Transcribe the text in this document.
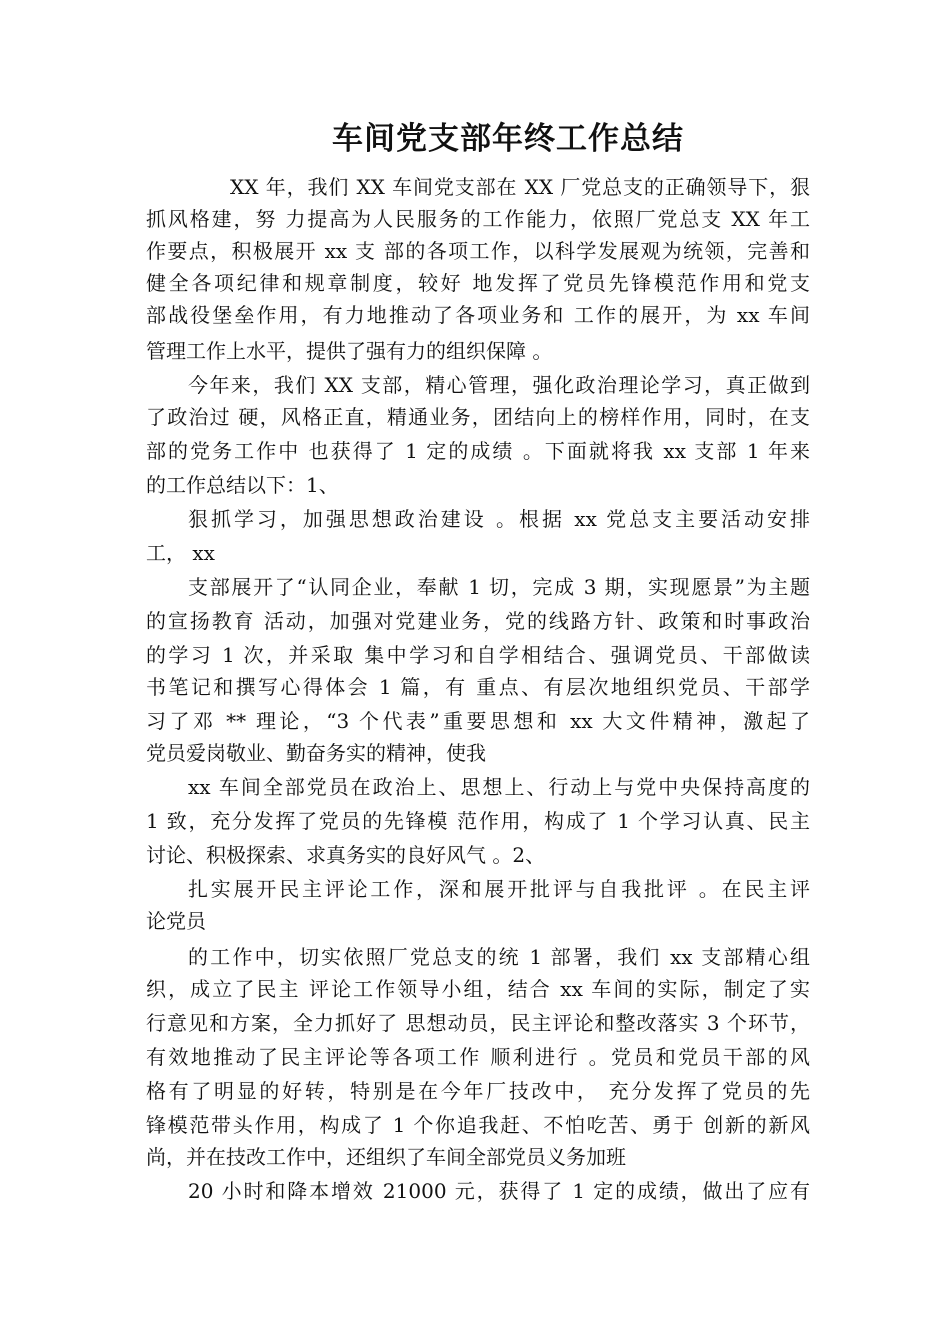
车间党支部年终工作总结
XX 年，我们 XX 车间党支部在 XX 厂党总支的正确领导下，狠
抓风格建，努 力提高为人民服务的工作能力，依照厂党总支 XX 年工
作要点，积极展开 xx 支 部的各项工作，以科学发展观为统领，完善和
健全各项纪律和规章制度，较好 地发挥了党员先锋模范作用和党支
部战役堡垒作用，有力地推动了各项业务和 工作的展开，为 xx 车间
管理工作上水平，提供了强有力的组织保障 。
今年来，我们 XX 支部，精心管理，强化政治理论学习，真正做到
了政治过 硬，风格正直，精通业务，团结向上的榜样作用，同时，在支
部的党务工作中 也获得了 1 定的成绩 。下面就将我 xx 支部 1 年来
的工作总结以下：1、
狠抓学习，加强思想政治建设 。根据 xx 党总支主要活动安排
工， xx
支部展开了“认同企业，奉献 1 切，完成 3 期，实现愿景”为主题
的宣扬教育 活动，加强对党建业务，党的线路方针、政策和时事政治
的学习 1 次，并采取 集中学习和自学相结合、强调党员、干部做读
书笔记和撰写心得体会 1 篇，有 重点、有层次地组织党员、干部学
习了邓 ** 理论，“3 个代表”重要思想和 xx 大文件精神，激起了
党员爱岗敬业、勤奋务实的精神，使我
xx 车间全部党员在政治上、思想上、行动上与党中央保持高度的
1 致，充分发挥了党员的先锋模 范作用，构成了 1 个学习认真、民主
讨论、积极探索、求真务实的良好风气 。2、
扎实展开民主评论工作，深和展开批评与自我批评 。在民主评
论党员
的工作中，切实依照厂党总支的统 1 部署，我们 xx 支部精心组
织，成立了民主 评论工作领导小组，结合 xx 车间的实际，制定了实
行意见和方案，全力抓好了 思想动员，民主评论和整改落实 3 个环节，
有效地推动了民主评论等各项工作 顺利进行 。党员和党员干部的风
格有了明显的好转，特别是在今年厂技改中， 充分发挥了党员的先
锋模范带头作用，构成了 1 个你追我赶、不怕吃苦、勇于 创新的新风
尚，并在技改工作中，还组织了车间全部党员义务加班
20 小时和降本增效 21000 元，获得了 1 定的成绩，做出了应有
